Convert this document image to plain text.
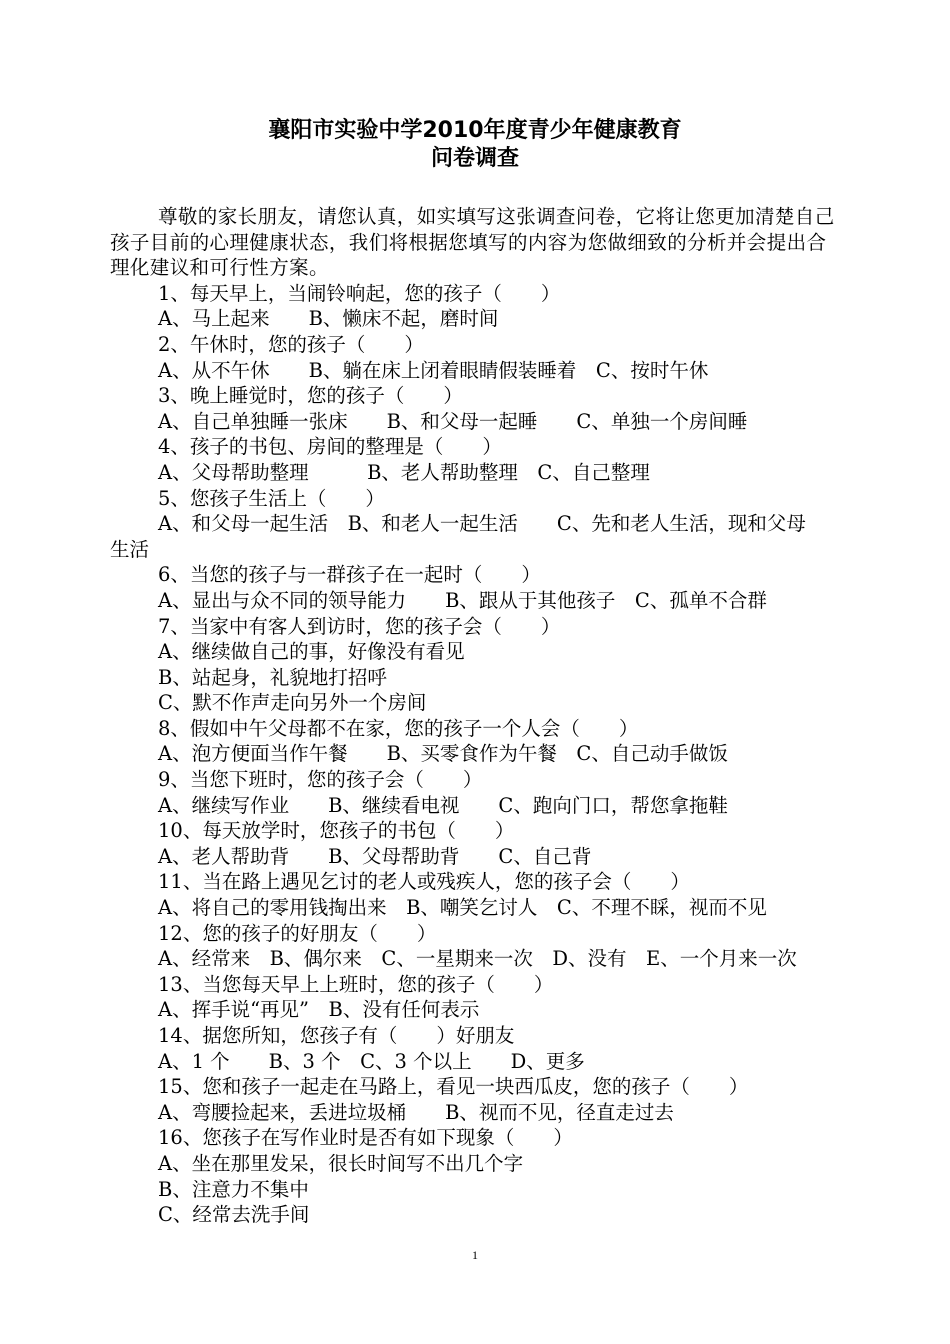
襄阳市实验中学2010年度青少年健康教育
问卷调查
尊敬的家长朋友，请您认真，如实填写这张调查问卷，它将让您更加清楚自己孩子目前的心理健康状态，我们将根据您填写的内容为您做细致的分析并会提出合理化建议和可行性方案。
1、每天早上，当闹铃响起，您的孩子（　　）
A、马上起来　　B、懒床不起，磨时间
2、午休时，您的孩子（　　）
A、从不午休　　B、躺在床上闭着眼睛假装睡着　C、按时午休
3、晚上睡觉时，您的孩子（　　）
A、自己单独睡一张床　　B、和父母一起睡　　C、单独一个房间睡
4、孩子的书包、房间的整理是（　　）
A、父母帮助整理　　　B、老人帮助整理　C、自己整理
5、您孩子生活上（　　）
A、和父母一起生活　B、和老人一起生活　　C、先和老人生活，现和父母
生活
6、当您的孩子与一群孩子在一起时（　　）
A、显出与众不同的领导能力　　B、跟从于其他孩子　C、孤单不合群
7、当家中有客人到访时，您的孩子会（　　）
A、继续做自己的事，好像没有看见
B、站起身，礼貌地打招呼
C、默不作声走向另外一个房间
8、假如中午父母都不在家，您的孩子一个人会（　　）
A、泡方便面当作午餐　　B、买零食作为午餐　C、自己动手做饭
9、当您下班时，您的孩子会（　　）
A、继续写作业　　B、继续看电视　　C、跑向门口，帮您拿拖鞋
10、每天放学时，您孩子的书包（　　）
A、老人帮助背　　B、父母帮助背　　C、自己背
11、当在路上遇见乞讨的老人或残疾人，您的孩子会（　　）
A、将自己的零用钱掏出来　B、嘲笑乞讨人　C、不理不睬，视而不见
12、您的孩子的好朋友（　　）
A、经常来　B、偶尔来　C、一星期来一次　D、没有　E、一个月来一次
13、当您每天早上上班时，您的孩子（　　）
A、挥手说“再见”　B、没有任何表示
14、据您所知，您孩子有（　　）好朋友
A、1 个　　B、3 个　C、3 个以上　　D、更多
15、您和孩子一起走在马路上，看见一块西瓜皮，您的孩子（　　）
A、弯腰捡起来，丢进垃圾桶　　B、视而不见，径直走过去
16、您孩子在写作业时是否有如下现象（　　）
A、坐在那里发呆，很长时间写不出几个字
B、注意力不集中
C、经常去洗手间
1
